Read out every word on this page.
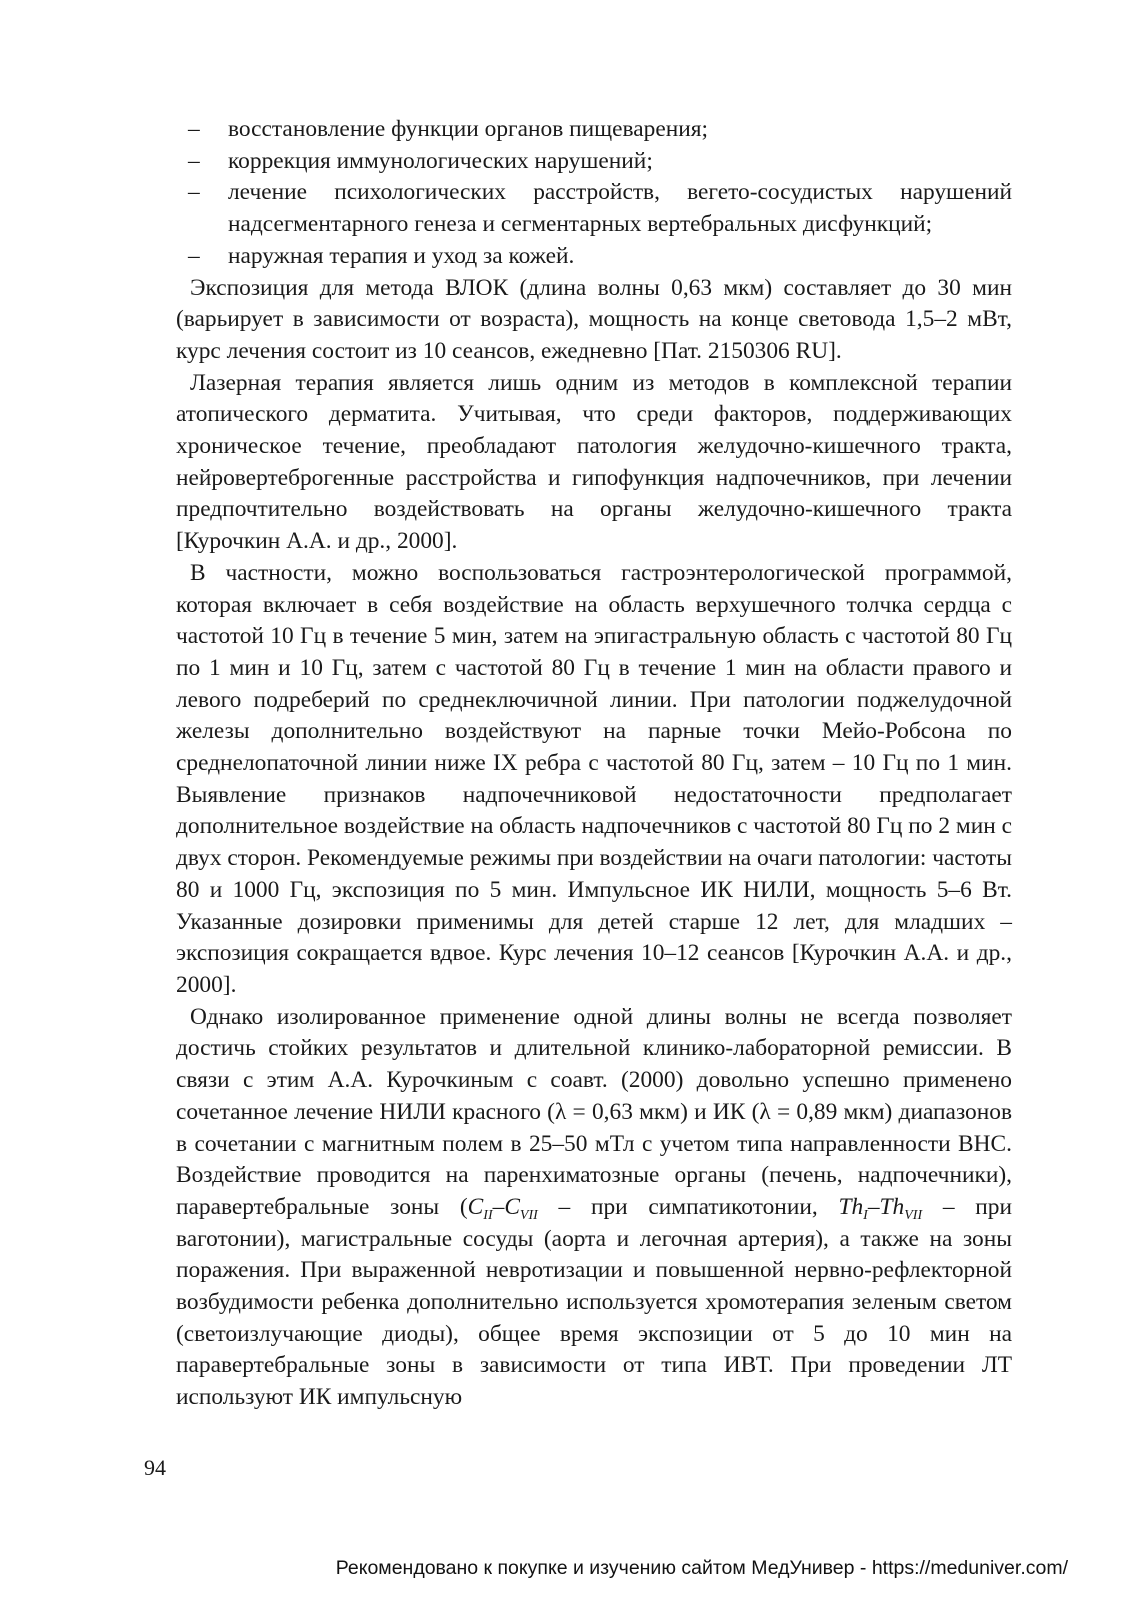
– восстановление функции органов пищеварения;
– коррекция иммунологических нарушений;
– лечение психологических расстройств, вегето-сосудистых нарушений надсегментарного генеза и сегментарных вертебральных дисфункций;
– наружная терапия и уход за кожей.

Экспозиция для метода ВЛОК (длина волны 0,63 мкм) составляет до 30 мин (варьирует в зависимости от возраста), мощность на конце световода 1,5–2 мВт, курс лечения состоит из 10 сеансов, ежедневно [Пат. 2150306 RU].

Лазерная терапия является лишь одним из методов в комплексной терапии атопического дерматита. Учитывая, что среди факторов, поддерживающих хроническое течение, преобладают патология желудочно-кишечного тракта, нейровертеброгенные расстройства и гипофункция надпочечников, при лечении предпочтительно воздействовать на органы желудочно-кишечного тракта [Курочкин А.А. и др., 2000].

В частности, можно воспользоваться гастроэнтерологической программой, которая включает в себя воздействие на область верхушечного толчка сердца с частотой 10 Гц в течение 5 мин, затем на эпигастральную область с частотой 80 Гц по 1 мин и 10 Гц, затем с частотой 80 Гц в течение 1 мин на области правого и левого подреберий по среднеключичной линии. При патологии поджелудочной железы дополнительно воздействуют на парные точки Мейо-Робсона по среднелопаточной линии ниже IX ребра с частотой 80 Гц, затем – 10 Гц по 1 мин. Выявление признаков надпочечниковой недостаточности предполагает дополнительное воздействие на область надпочечников с частотой 80 Гц по 2 мин с двух сторон. Рекомендуемые режимы при воздействии на очаги патологии: частоты 80 и 1000 Гц, экспозиция по 5 мин. Импульсное ИК НИЛИ, мощность 5–6 Вт. Указанные дозировки применимы для детей старше 12 лет, для младших – экспозиция сокращается вдвое. Курс лечения 10–12 сеансов [Курочкин А.А. и др., 2000].

Однако изолированное применение одной длины волны не всегда позволяет достичь стойких результатов и длительной клинико-лабораторной ремиссии. В связи с этим А.А. Курочкиным с соавт. (2000) довольно успешно применено сочетанное лечение НИЛИ красного (λ = 0,63 мкм) и ИК (λ = 0,89 мкм) диапазонов в сочетании с магнитным полем в 25–50 мТл с учетом типа направленности ВНС. Воздействие проводится на паренхиматозные органы (печень, надпочечники), паравертебральные зоны ($C_{II}-C_{VII}$ – при симпатикотонии, $Th_I-Th_{VII}$ – при ваготонии), магистральные сосуды (аорта и легочная артерия), а также на зоны поражения. При выраженной невротизации и повышенной нервно-рефлекторной возбудимости ребенка дополнительно используется хромотерапия зеленым светом (светоизлучающие диоды), общее время экспозиции от 5 до 10 мин на паравертебральные зоны в зависимости от типа ИВТ. При проведении ЛТ используют ИК импульсную

94
Рекомендовано к покупке и изучению сайтом МедУнивер - https://meduniver.com/
